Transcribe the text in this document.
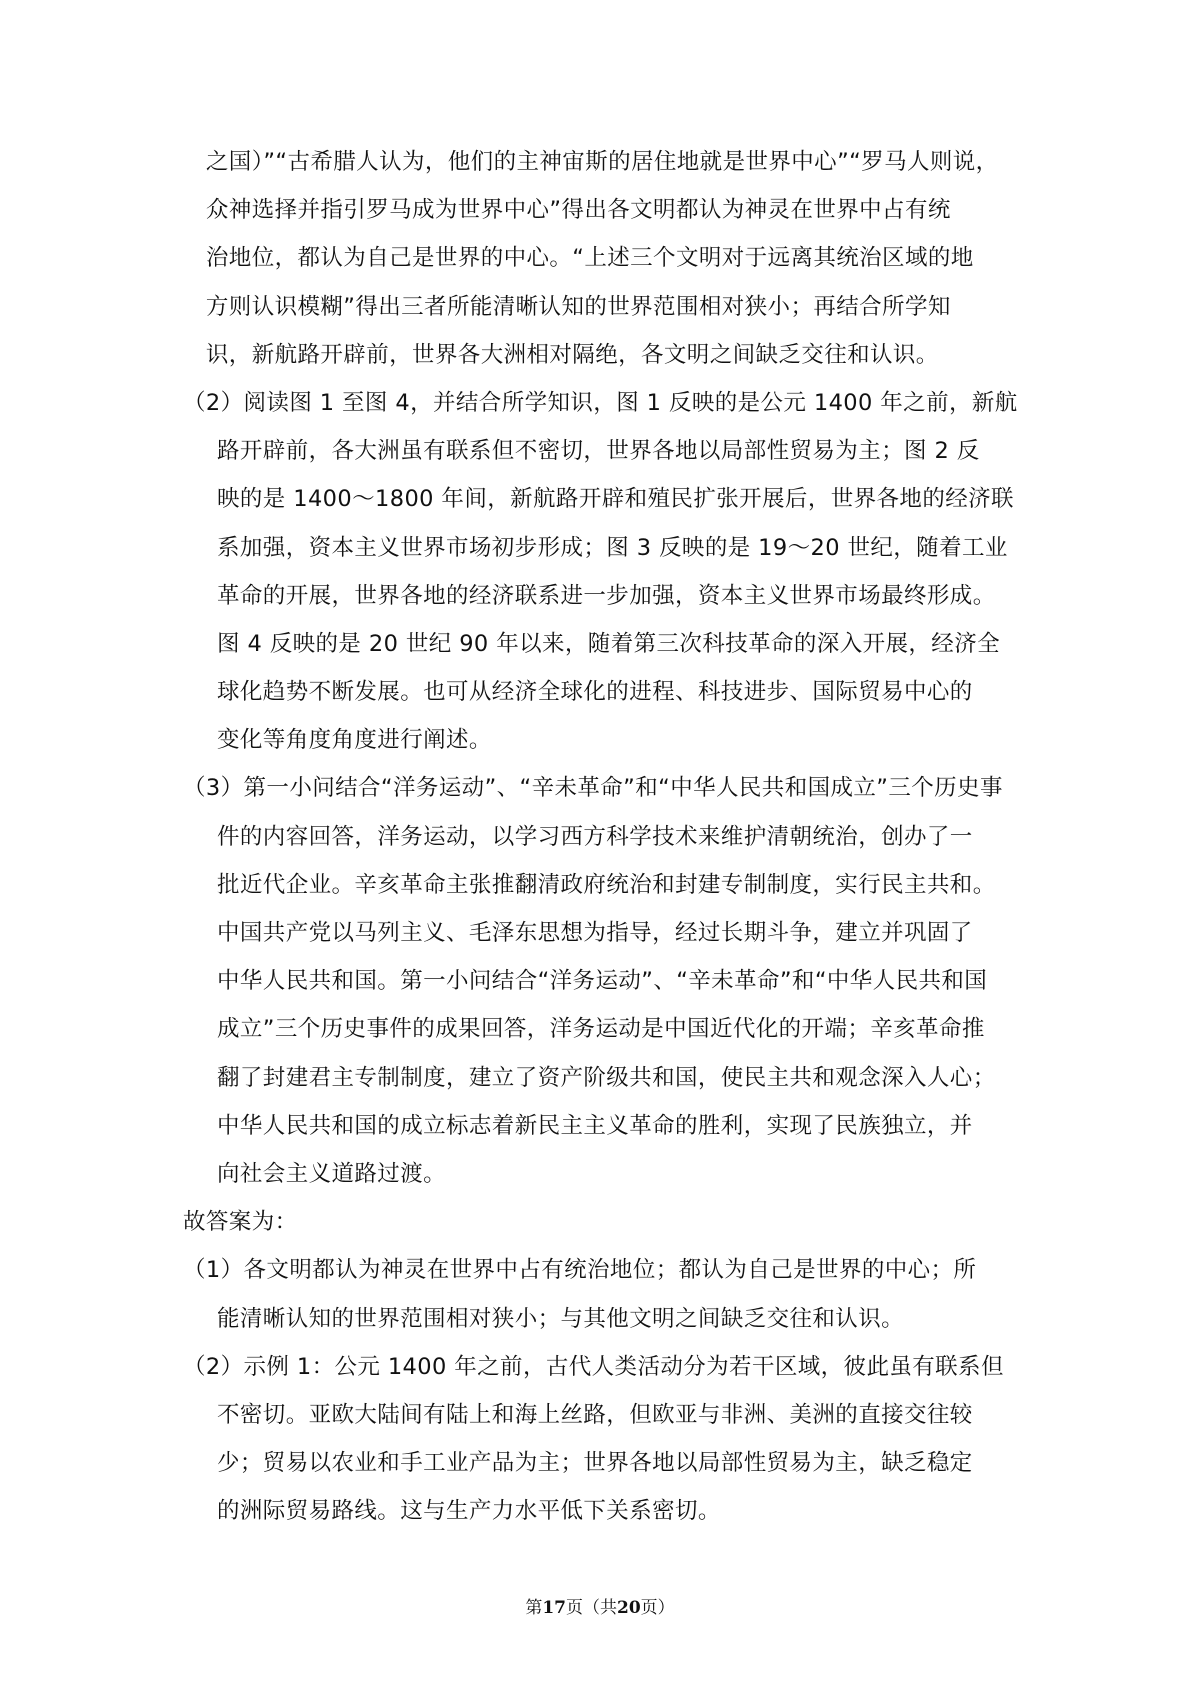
　之国）”“古希腊人认为，他们的主神宙斯的居住地就是世界中心”“罗马人则说，
　众神选择并指引罗马成为世界中心”得出各文明都认为神灵在世界中占有统
　治地位，都认为自己是世界的中心。“上述三个文明对于远离其统治区域的地
　方则认识模糊”得出三者所能清晰认知的世界范围相对狭小；再结合所学知
　识，新航路开辟前，世界各大洲相对隔绝，各文明之间缺乏交往和认识。
（2）阅读图 1 至图 4，并结合所学知识，图 1 反映的是公元 1400 年之前，新航
路开辟前，各大洲虽有联系但不密切，世界各地以局部性贸易为主；图 2 反
映的是 1400～1800 年间，新航路开辟和殖民扩张开展后，世界各地的经济联
系加强，资本主义世界市场初步形成；图 3 反映的是 19～20 世纪，随着工业
革命的开展，世界各地的经济联系进一步加强，资本主义世界市场最终形成。
图 4 反映的是 20 世纪 90 年以来，随着第三次科技革命的深入开展，经济全
球化趋势不断发展。也可从经济全球化的进程、科技进步、国际贸易中心的
变化等角度角度进行阐述。
（3）第一小问结合“洋务运动”、“辛未革命”和“中华人民共和国成立”三个历史事
件的内容回答，洋务运动，以学习西方科学技术来维护清朝统治，创办了一
批近代企业。辛亥革命主张推翻清政府统治和封建专制制度，实行民主共和。
中国共产党以马列主义、毛泽东思想为指导，经过长期斗争，建立并巩固了
中华人民共和国。第一小问结合“洋务运动”、“辛未革命”和“中华人民共和国
成立”三个历史事件的成果回答，洋务运动是中国近代化的开端；辛亥革命推
翻了封建君主专制制度，建立了资产阶级共和国，使民主共和观念深入人心；
中华人民共和国的成立标志着新民主主义革命的胜利，实现了民族独立，并
向社会主义道路过渡。
故答案为：
（1）各文明都认为神灵在世界中占有统治地位；都认为自己是世界的中心；所
能清晰认知的世界范围相对狭小；与其他文明之间缺乏交往和认识。
（2）示例 1：公元 1400 年之前，古代人类活动分为若干区域，彼此虽有联系但
不密切。亚欧大陆间有陆上和海上丝路，但欧亚与非洲、美洲的直接交往较
少；贸易以农业和手工业产品为主；世界各地以局部性贸易为主，缺乏稳定
的洲际贸易路线。这与生产力水平低下关系密切。
第17页（共20页）
